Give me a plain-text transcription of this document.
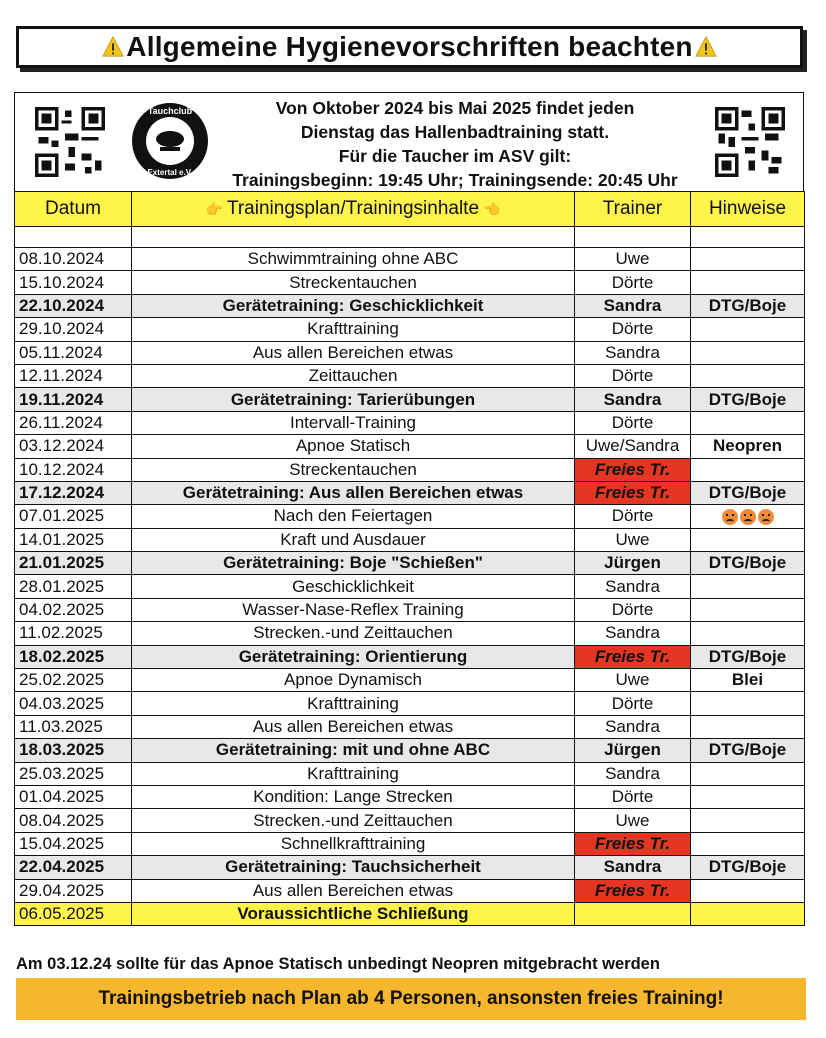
Allgemeine Hygienevorschriften beachten
Tauchclub
Extertal e.V.
Von Oktober 2024 bis Mai 2025 findet jeden
Dienstag das Hallenbadtraining statt.
Für die Taucher im ASV gilt:
Trainingsbeginn: 19:45 Uhr; Trainingsende: 20:45 Uhr
Datum	👉 Trainingsplan/Trainingsinhalte 👈	Trainer	Hinweise

08.10.2024	Schwimmtraining ohne ABC	Uwe	
15.10.2024	Streckentauchen	Dörte	
22.10.2024	Gerätetraining: Geschicklichkeit	Sandra	DTG/Boje
29.10.2024	Krafttraining	Dörte	
05.11.2024	Aus allen Bereichen etwas	Sandra	
12.11.2024	Zeittauchen	Dörte	
19.11.2024	Gerätetraining: Tarierübungen	Sandra	DTG/Boje
26.11.2024	Intervall-Training	Dörte	
03.12.2024	Apnoe Statisch	Uwe/Sandra	Neopren
10.12.2024	Streckentauchen	Freies Tr.	
17.12.2024	Gerätetraining: Aus allen Bereichen etwas	Freies Tr.	DTG/Boje
07.01.2025	Nach den Feiertagen	Dörte	
14.01.2025	Kraft und Ausdauer	Uwe	
21.01.2025	Gerätetraining: Boje "Schießen"	Jürgen	DTG/Boje
28.01.2025	Geschicklichkeit	Sandra	
04.02.2025	Wasser-Nase-Reflex Training	Dörte	
11.02.2025	Strecken.-und Zeittauchen	Sandra	
18.02.2025	Gerätetraining: Orientierung	Freies Tr.	DTG/Boje
25.02.2025	Apnoe Dynamisch	Uwe	Blei
04.03.2025	Krafttraining	Dörte	
11.03.2025	Aus allen Bereichen etwas	Sandra	
18.03.2025	Gerätetraining: mit und ohne ABC	Jürgen	DTG/Boje
25.03.2025	Krafttraining	Sandra	
01.04.2025	Kondition: Lange Strecken	Dörte	
08.04.2025	Strecken.-und Zeittauchen	Uwe	
15.04.2025	Schnellkrafttraining	Freies Tr.	
22.04.2025	Gerätetraining: Tauchsicherheit	Sandra	DTG/Boje
29.04.2025	Aus allen Bereichen etwas	Freies Tr.	
06.05.2025	Voraussichtliche Schließung		
Am 03.12.24 sollte für das Apnoe Statisch unbedingt Neopren mitgebracht werden
Trainingsbetrieb nach Plan ab 4 Personen, ansonsten freies Training!
